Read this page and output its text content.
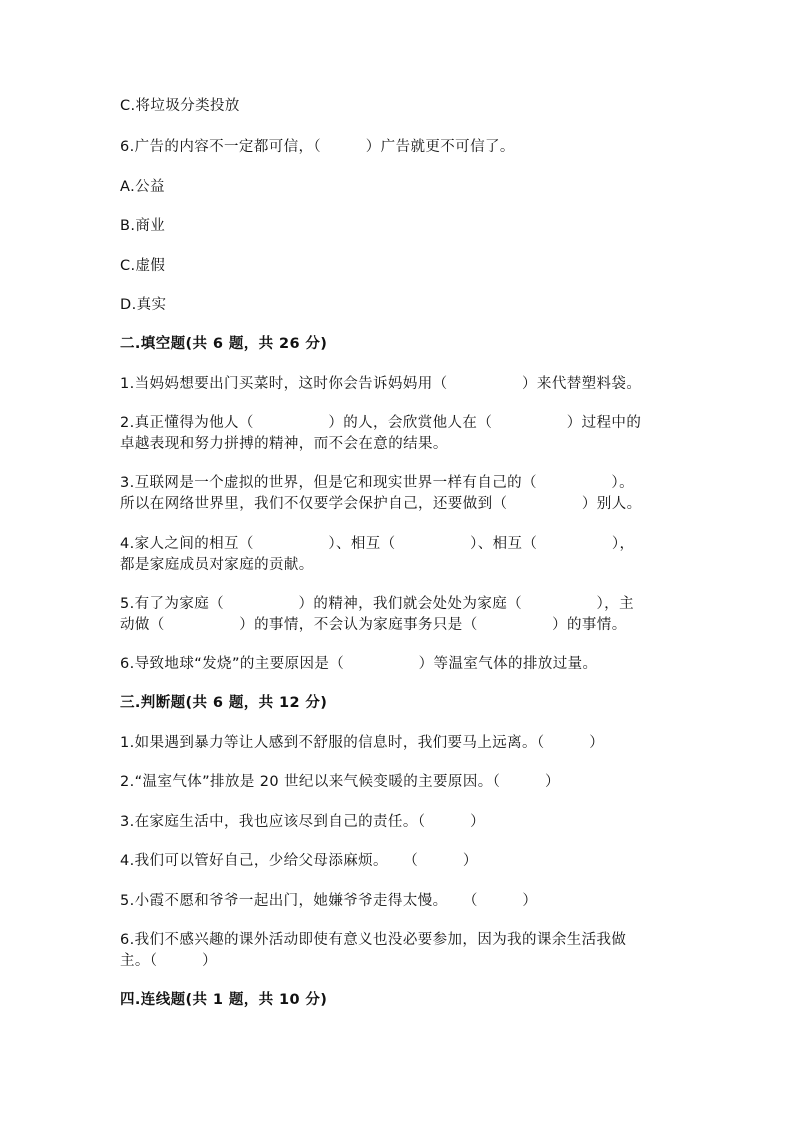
C.将垃圾分类投放
6.广告的内容不一定都可信，（　　　）广告就更不可信了。
A.公益
B.商业
C.虚假
D.真实
二.填空题(共 6 题，共 26 分)
1.当妈妈想要出门买菜时，这时你会告诉妈妈用（　　　　　）来代替塑料袋。
2.真正懂得为他人（　　　　　）的人，会欣赏他人在（　　　　　）过程中的
卓越表现和努力拼搏的精神，而不会在意的结果。
3.互联网是一个虚拟的世界，但是它和现实世界一样有自己的（　　　　　）。
所以在网络世界里，我们不仅要学会保护自己，还要做到（　　　　　）别人。
4.家人之间的相互（　　　　　）、相互（　　　　　）、相互（　　　　　），
都是家庭成员对家庭的贡献。
5.有了为家庭（　　　　　）的精神，我们就会处处为家庭（　　　　　），主
动做（　　　　　）的事情，不会认为家庭事务只是（　　　　　）的事情。
6.导致地球“发烧”的主要原因是（　　　　　）等温室气体的排放过量。
三.判断题(共 6 题，共 12 分)
1.如果遇到暴力等让人感到不舒服的信息时，我们要马上远离。（　　　）
2.“温室气体”排放是 20 世纪以来气候变暖的主要原因。（　　　）
3.在家庭生活中，我也应该尽到自己的责任。（　　　）
4.我们可以管好自己，少给父母添麻烦。　　（　　　）
5.小霞不愿和爷爷一起出门，她嫌爷爷走得太慢。　　（　　　）
6.我们不感兴趣的课外活动即使有意义也没必要参加，因为我的课余生活我做
主。（　　　）
四.连线题(共 1 题，共 10 分)
